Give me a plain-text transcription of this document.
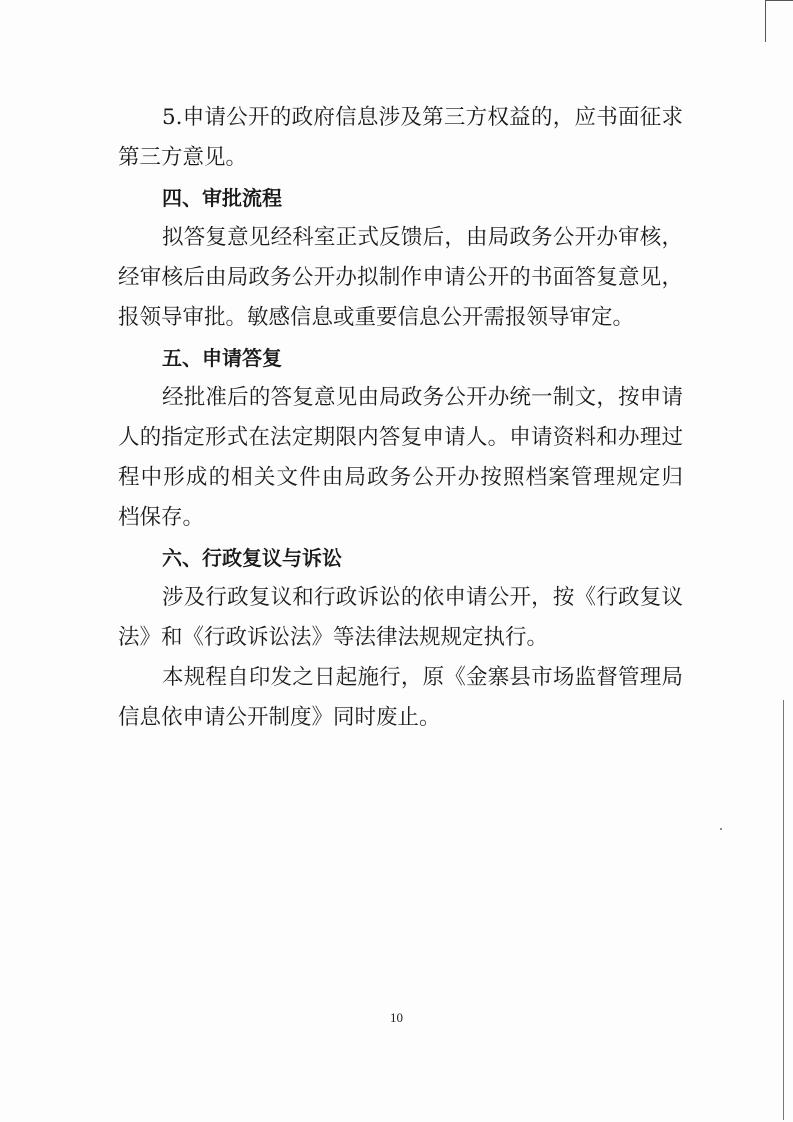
5.申请公开的政府信息涉及第三方权益的，应书面征求
第三方意见。
四、审批流程
拟答复意见经科室正式反馈后，由局政务公开办审核，
经审核后由局政务公开办拟制作申请公开的书面答复意见，
报领导审批。敏感信息或重要信息公开需报领导审定。
五、申请答复
经批准后的答复意见由局政务公开办统一制文，按申请
人的指定形式在法定期限内答复申请人。申请资料和办理过
程中形成的相关文件由局政务公开办按照档案管理规定归
档保存。
六、行政复议与诉讼
涉及行政复议和行政诉讼的依申请公开，按《行政复议
法》和《行政诉讼法》等法律法规规定执行。
本规程自印发之日起施行，原《金寨县市场监督管理局
信息依申请公开制度》同时废止。
10
